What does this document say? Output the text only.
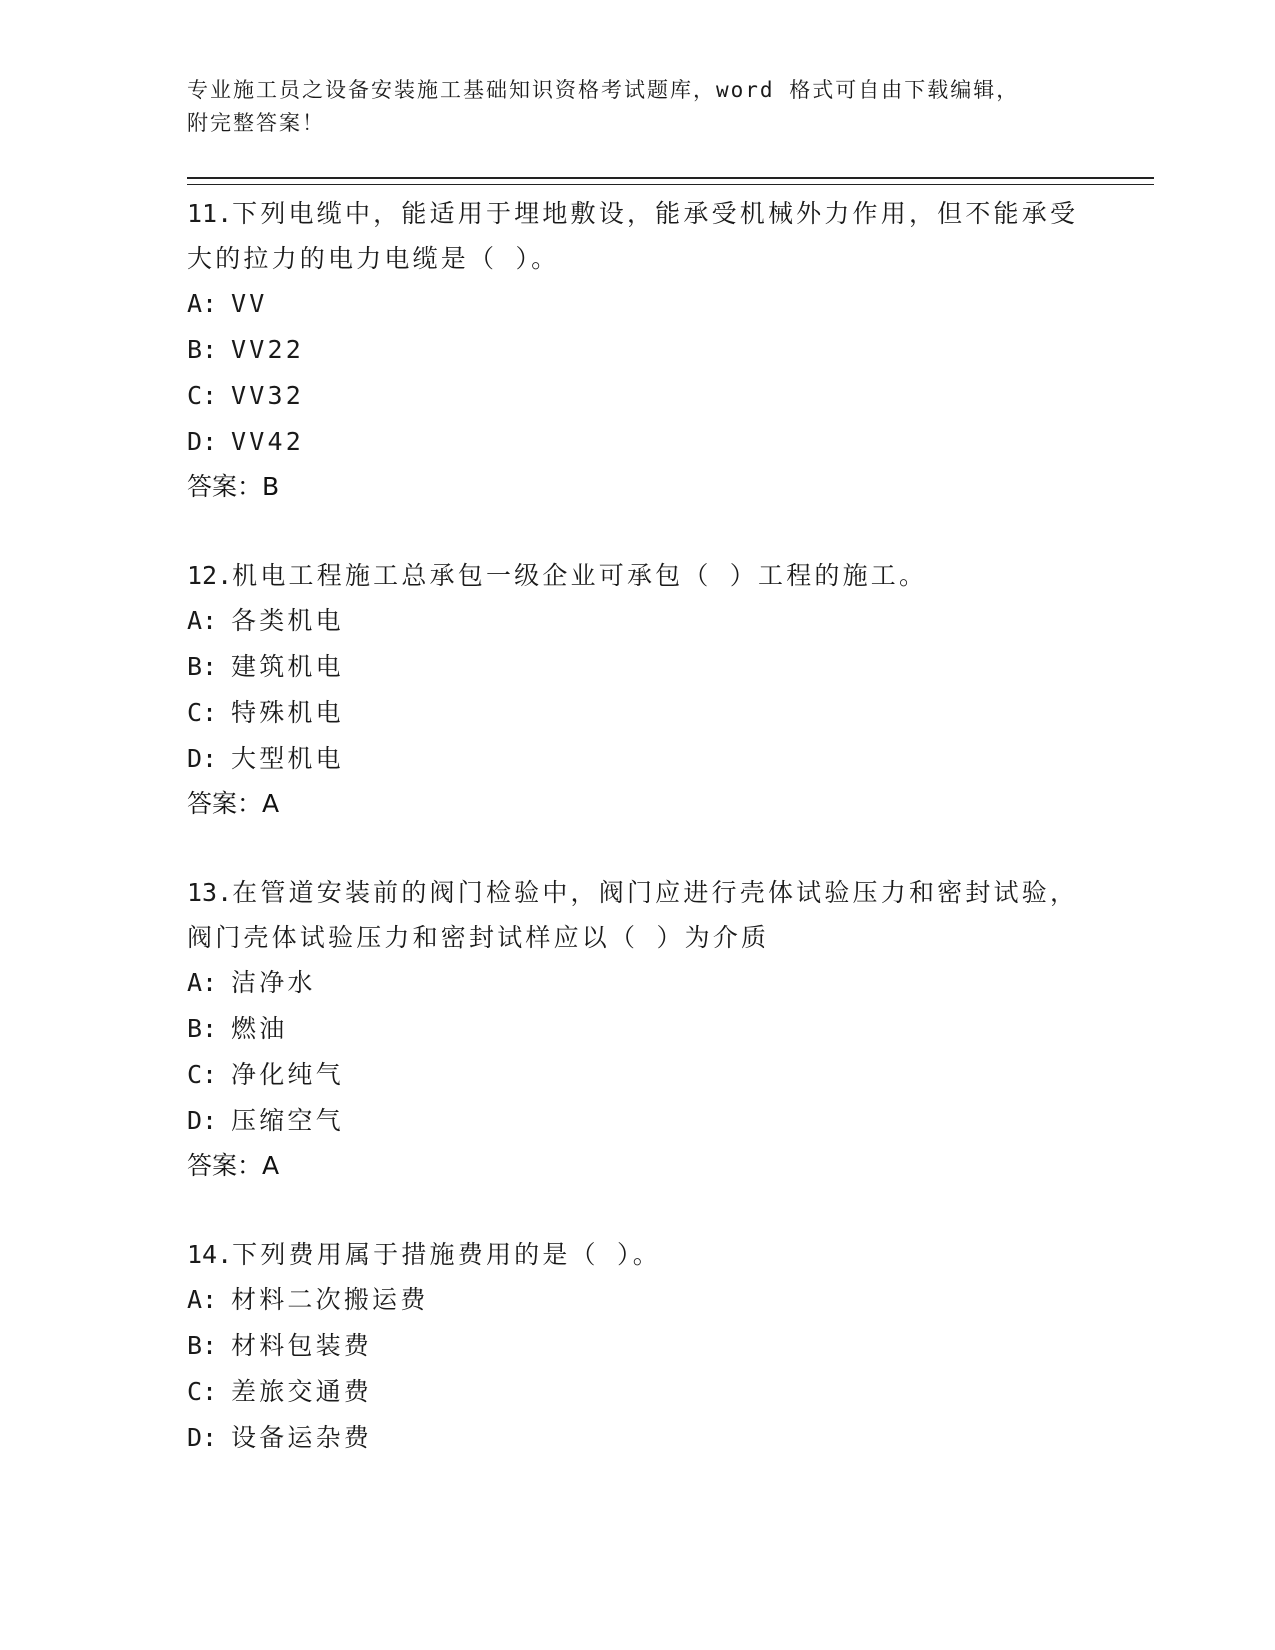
专业施工员之设备安装施工基础知识资格考试题库，word 格式可自由下载编辑，
附完整答案！
11.下列电缆中，能适用于埋地敷设，能承受机械外力作用，但不能承受大的拉力的电力电缆是（ ）。
A: VV
B: VV22
C: VV32
D: VV42
答案：B
12.机电工程施工总承包一级企业可承包（ ）工程的施工。
A: 各类机电
B: 建筑机电
C: 特殊机电
D: 大型机电
答案：A
13.在管道安装前的阀门检验中，阀门应进行壳体试验压力和密封试验，阀门壳体试验压力和密封试样应以（ ）为介质
A: 洁净水
B: 燃油
C: 净化纯气
D: 压缩空气
答案：A
14.下列费用属于措施费用的是（ ）。
A: 材料二次搬运费
B: 材料包装费
C: 差旅交通费
D: 设备运杂费
